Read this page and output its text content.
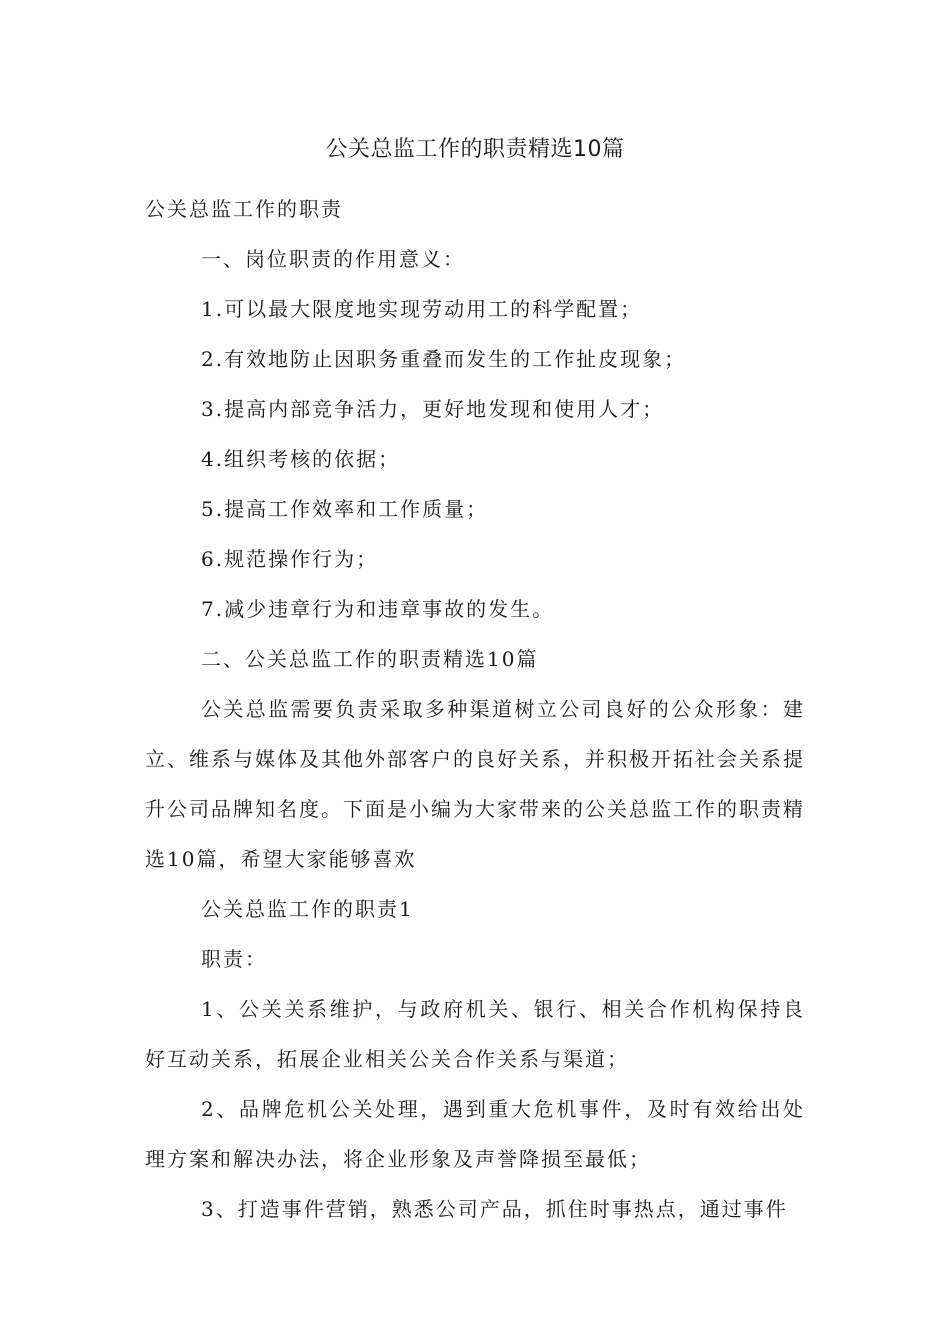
公关总监工作的职责精选10篇

公关总监工作的职责

一、岗位职责的作用意义：

1.可以最大限度地实现劳动用工的科学配置；

2.有效地防止因职务重叠而发生的工作扯皮现象；

3.提高内部竞争活力，更好地发现和使用人才；

4.组织考核的依据；

5.提高工作效率和工作质量；

6.规范操作行为；

7.减少违章行为和违章事故的发生。

二、公关总监工作的职责精选10篇

公关总监需要负责采取多种渠道树立公司良好的公众形象：建立、维系与媒体及其他外部客户的良好关系，并积极开拓社会关系提升公司品牌知名度。下面是小编为大家带来的公关总监工作的职责精选10篇，希望大家能够喜欢

公关总监工作的职责1

职责：

1、公关关系维护，与政府机关、银行、相关合作机构保持良好互动关系，拓展企业相关公关合作关系与渠道；

2、品牌危机公关处理，遇到重大危机事件，及时有效给出处理方案和解决办法，将企业形象及声誉降损至最低；

3、打造事件营销，熟悉公司产品，抓住时事热点，通过事件
